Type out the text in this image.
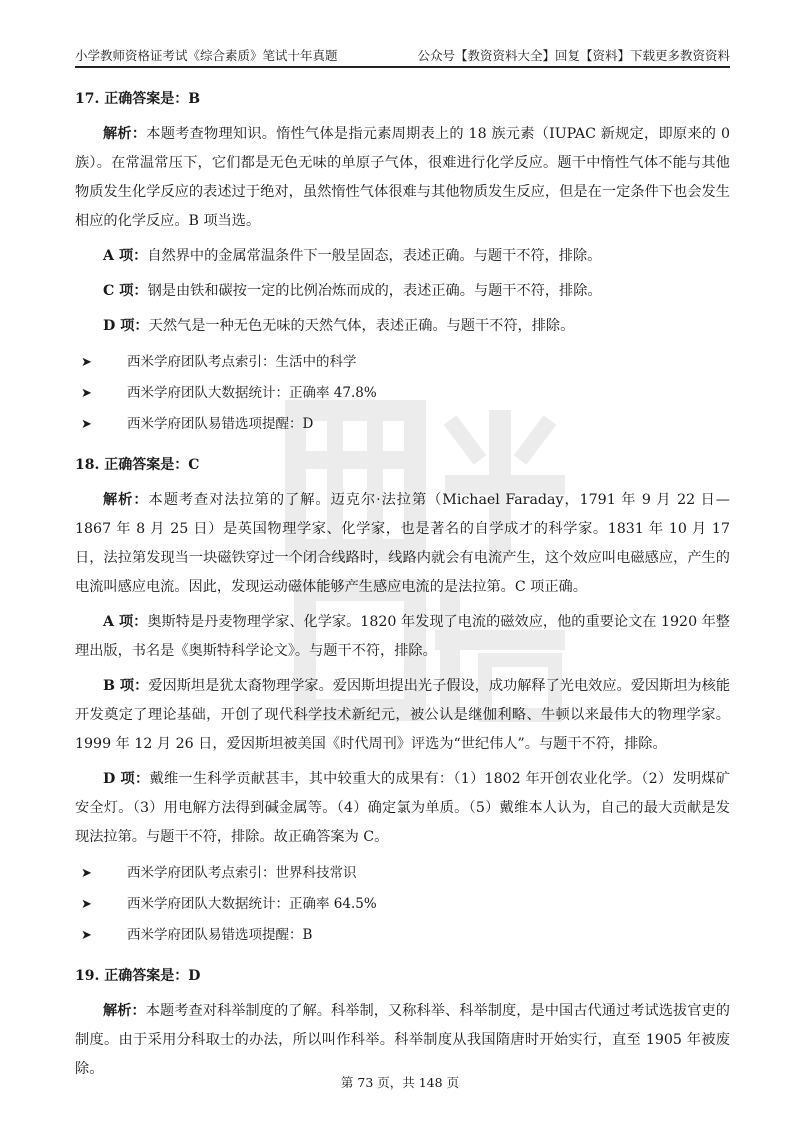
小学教师资格证考试《综合素质》笔试十年真题	公众号【教资资料大全】回复【资料】下载更多教资资料
17. 正确答案是：B

解析：本题考查物理知识。惰性气体是指元素周期表上的 18 族元素（IUPAC 新规定，即原来的 0 族）。在常温常压下，它们都是无色无味的单原子气体，很难进行化学反应。题干中惰性气体不能与其他物质发生化学反应的表述过于绝对，虽然惰性气体很难与其他物质发生反应，但是在一定条件下也会发生相应的化学反应。B 项当选。

A 项：自然界中的金属常温条件下一般呈固态，表述正确。与题干不符，排除。

C 项：钢是由铁和碳按一定的比例冶炼而成的，表述正确。与题干不符，排除。

D 项：天然气是一种无色无味的天然气体，表述正确。与题干不符，排除。

➤	西米学府团队考点索引：生活中的科学
➤	西米学府团队大数据统计：正确率 47.8%
➤	西米学府团队易错选项提醒：D
18. 正确答案是：C

解析：本题考查对法拉第的了解。迈克尔·法拉第（Michael Faraday，1791 年 9 月 22 日—1867 年 8 月 25 日）是英国物理学家、化学家，也是著名的自学成才的科学家。1831 年 10 月 17 日，法拉第发现当一块磁铁穿过一个闭合线路时，线路内就会有电流产生，这个效应叫电磁感应，产生的电流叫感应电流。因此，发现运动磁体能够产生感应电流的是法拉第。C 项正确。

A 项：奥斯特是丹麦物理学家、化学家。1820 年发现了电流的磁效应，他的重要论文在 1920 年整理出版，书名是《奥斯特科学论文》。与题干不符，排除。

B 项：爱因斯坦是犹太裔物理学家。爱因斯坦提出光子假设，成功解释了光电效应。爱因斯坦为核能开发奠定了理论基础，开创了现代科学技术新纪元，被公认是继伽利略、牛顿以来最伟大的物理学家。1999 年 12 月 26 日，爱因斯坦被美国《时代周刊》评选为“世纪伟人”。与题干不符，排除。

D 项：戴维一生科学贡献甚丰，其中较重大的成果有：（1）1802 年开创农业化学。（2）发明煤矿安全灯。（3）用电解方法得到碱金属等。（4）确定氯为单质。（5）戴维本人认为，自己的最大贡献是发现法拉第。与题干不符，排除。故正确答案为 C。

➤	西米学府团队考点索引：世界科技常识
➤	西米学府团队大数据统计：正确率 64.5%
➤	西米学府团队易错选项提醒：B
19. 正确答案是：D

解析：本题考查对科举制度的了解。科举制，又称科举、科举制度，是中国古代通过考试选拔官吏的制度。由于采用分科取士的办法，所以叫作科举。科举制度从我国隋唐时开始实行，直至 1905 年被废除。

第 73 页，共 148 页
